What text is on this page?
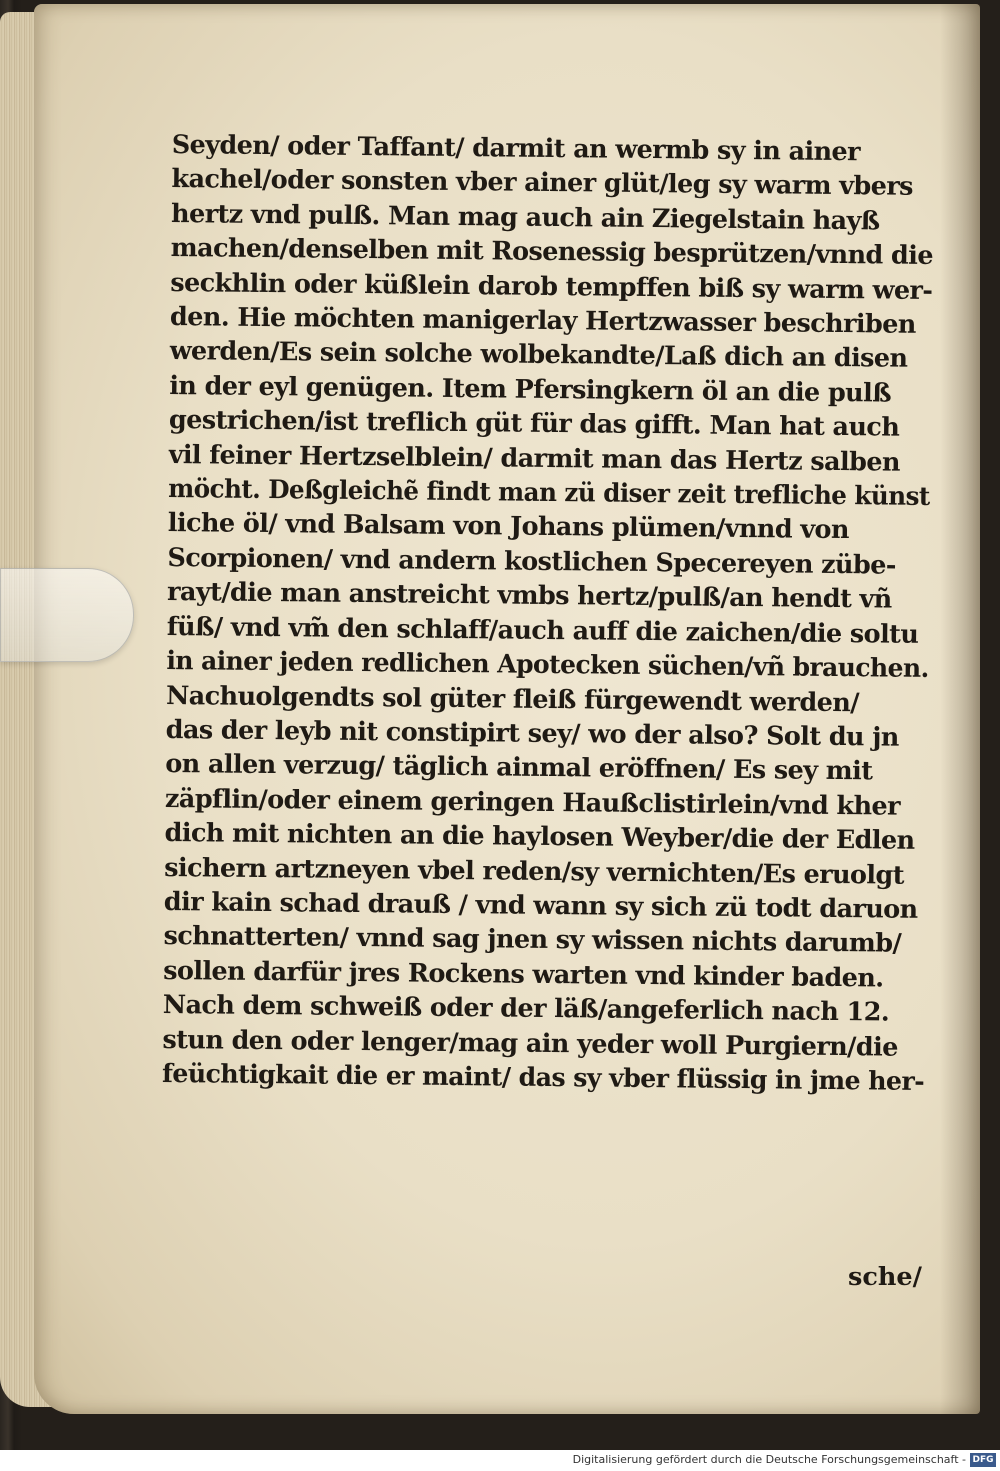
Seyden/ oder Taffant/ darmit an wermb sy in ainer
kachel/oder sonsten vber ainer glüt/leg sy warm vbers
hertz vnd pulß. Man mag auch ain Ziegelstain hayß
machen/denselben mit Rosenessig besprützen/vnnd die
seckhlin oder küßlein darob tempffen biß sy warm wer-
den. Hie möchten manigerlay Hertzwasser beschriben
werden/Es sein solche wolbekandte/Laß dich an disen
in der eyl genügen. Item Pfersingkern öl an die pulß
gestrichen/ist treflich güt für das gifft. Man hat auch
vil feiner Hertzselblein/ darmit man das Hertz salben
möcht. Deßgleichẽ findt man zü diser zeit trefliche künst
liche öl/ vnd Balsam von Johans plümen/vnnd von
Scorpionen/ vnd andern kostlichen Specereyen zübe-
rayt/die man anstreicht vmbs hertz/pulß/an hendt vñ
füß/ vnd vm̃ den schlaff/auch auff die zaichen/die soltu
in ainer jeden redlichen Apotecken süchen/vñ brauchen.
Nachuolgendts sol güter fleiß fürgewendt werden/
das der leyb nit constipirt sey/ wo der also? Solt du jn
on allen verzug/ täglich ainmal eröffnen/ Es sey mit
zäpflin/oder einem geringen Haußclistirlein/vnd kher
dich mit nichten an die haylosen Weyber/die der Edlen
sichern artzneyen vbel reden/sy vernichten/Es eruolgt
dir kain schad drauß / vnd wann sy sich zü todt daruon
schnatterten/ vnnd sag jnen sy wissen nichts darumb/
sollen darfür jres Rockens warten vnd kinder baden.
Nach dem schweiß oder der läß/angeferlich nach 12.
stun den oder lenger/mag ain yeder woll Purgiern/die
feüchtigkait die er maint/ das sy vber flüssig in jme her-
sche/
Digitalisierung gefördert durch die Deutsche Forschungsgemeinschaft - DFG
